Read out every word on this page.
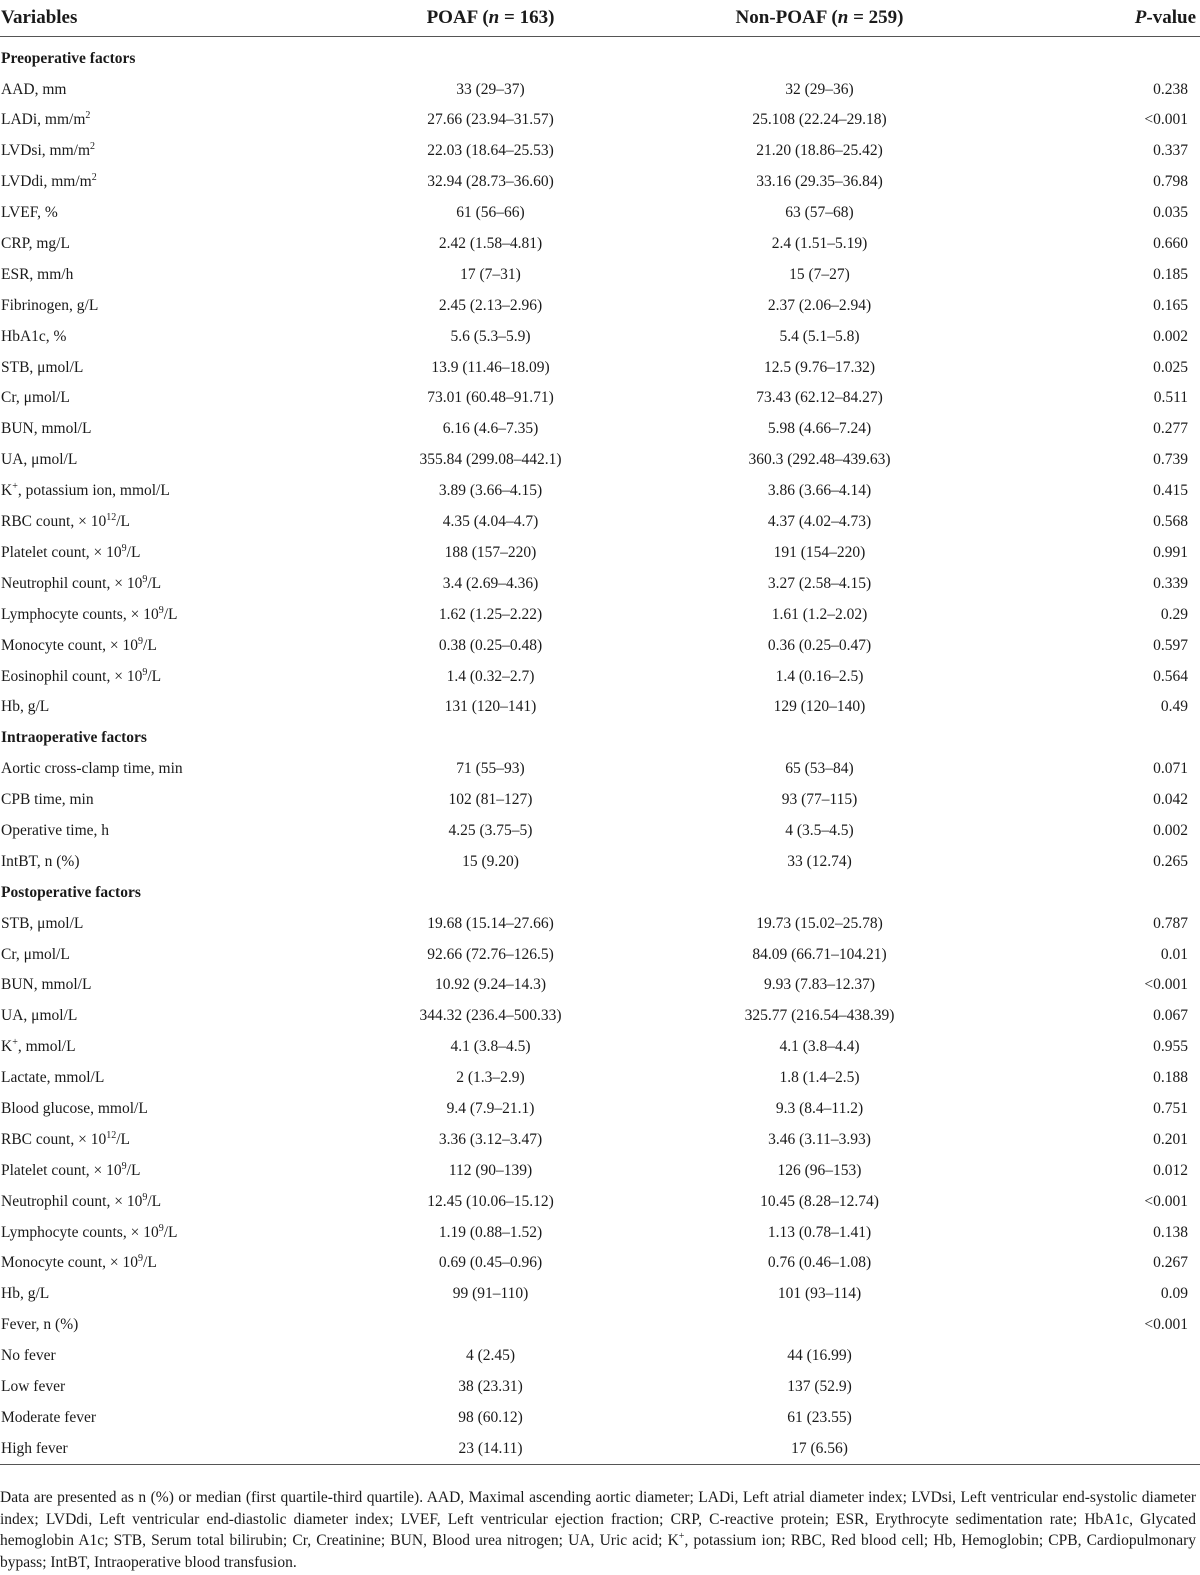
Variables	POAF (n = 163)	Non-POAF (n = 259)	P-value
Preoperative factors			
AAD, mm	33 (29–37)	32 (29–36)	0.238
LADi, $mm/m^2$	27.66 (23.94–31.57)	25.108 (22.24–29.18)	<0.001
LVDsi, $mm/m^2$	22.03 (18.64–25.53)	21.20 (18.86–25.42)	0.337
LVDdi, $mm/m^2$	32.94 (28.73–36.60)	33.16 (29.35–36.84)	0.798
LVEF, %	61 (56–66)	63 (57–68)	0.035
CRP, mg/L	2.42 (1.58–4.81)	2.4 (1.51–5.19)	0.660
ESR, mm/h	17 (7–31)	15 (7–27)	0.185
Fibrinogen, g/L	2.45 (2.13–2.96)	2.37 (2.06–2.94)	0.165
HbA1c, %	5.6 (5.3–5.9)	5.4 (5.1–5.8)	0.002
STB, μmol/L	13.9 (11.46–18.09)	12.5 (9.76–17.32)	0.025
Cr, μmol/L	73.01 (60.48–91.71)	73.43 (62.12–84.27)	0.511
BUN, mmol/L	6.16 (4.6–7.35)	5.98 (4.66–7.24)	0.277
UA, μmol/L	355.84 (299.08–442.1)	360.3 (292.48–439.63)	0.739
K+, potassium ion, mmol/L	3.89 (3.66–4.15)	3.86 (3.66–4.14)	0.415
RBC count, × $10^{12}/L$	4.35 (4.04–4.7)	4.37 (4.02–4.73)	0.568
Platelet count, × $10^9/L$	188 (157–220)	191 (154–220)	0.991
Neutrophil count, × $10^9/L$	3.4 (2.69–4.36)	3.27 (2.58–4.15)	0.339
Lymphocyte counts, × $10^9/L$	1.62 (1.25–2.22)	1.61 (1.2–2.02)	0.29
Monocyte count, × $10^9/L$	0.38 (0.25–0.48)	0.36 (0.25–0.47)	0.597
Eosinophil count, × $10^9/L$	1.4 (0.32–2.7)	1.4 (0.16–2.5)	0.564
Hb, g/L	131 (120–141)	129 (120–140)	0.49
Intraoperative factors			
Aortic cross-clamp time, min	71 (55–93)	65 (53–84)	0.071
CPB time, min	102 (81–127)	93 (77–115)	0.042
Operative time, h	4.25 (3.75–5)	4 (3.5–4.5)	0.002
IntBT, n (%)	15 (9.20)	33 (12.74)	0.265
Postoperative factors			
STB, μmol/L	19.68 (15.14–27.66)	19.73 (15.02–25.78)	0.787
Cr, μmol/L	92.66 (72.76–126.5)	84.09 (66.71–104.21)	0.01
BUN, mmol/L	10.92 (9.24–14.3)	9.93 (7.83–12.37)	<0.001
UA, μmol/L	344.32 (236.4–500.33)	325.77 (216.54–438.39)	0.067
K+, mmol/L	4.1 (3.8–4.5)	4.1 (3.8–4.4)	0.955
Lactate, mmol/L	2 (1.3–2.9)	1.8 (1.4–2.5)	0.188
Blood glucose, mmol/L	9.4 (7.9–21.1)	9.3 (8.4–11.2)	0.751
RBC count, × $10^{12}/L$	3.36 (3.12–3.47)	3.46 (3.11–3.93)	0.201
Platelet count, × $10^9/L$	112 (90–139)	126 (96–153)	0.012
Neutrophil count, × $10^9/L$	12.45 (10.06–15.12)	10.45 (8.28–12.74)	<0.001
Lymphocyte counts, × $10^9/L$	1.19 (0.88–1.52)	1.13 (0.78–1.41)	0.138
Monocyte count, × $10^9/L$	0.69 (0.45–0.96)	0.76 (0.46–1.08)	0.267
Hb, g/L	99 (91–110)	101 (93–114)	0.09
Fever, n (%)			<0.001
No fever	4 (2.45)	44 (16.99)	
Low fever	38 (23.31)	137 (52.9)	
Moderate fever	98 (60.12)	61 (23.55)	
High fever	23 (14.11)	17 (6.56)	

Data are presented as n (%) or median (first quartile-third quartile). AAD, Maximal ascending aortic diameter; LADi, Left atrial diameter index; LVDsi, Left ventricular end-systolic diameter index; LVDdi, Left ventricular end-diastolic diameter index; LVEF, Left ventricular ejection fraction; CRP, C-reactive protein; ESR, Erythrocyte sedimentation rate; HbA1c, Glycated hemoglobin A1c; STB, Serum total bilirubin; Cr, Creatinine; BUN, Blood urea nitrogen; UA, Uric acid; K+, potassium ion; RBC, Red blood cell; Hb, Hemoglobin; CPB, Cardiopulmonary bypass; IntBT, Intraoperative blood transfusion.
